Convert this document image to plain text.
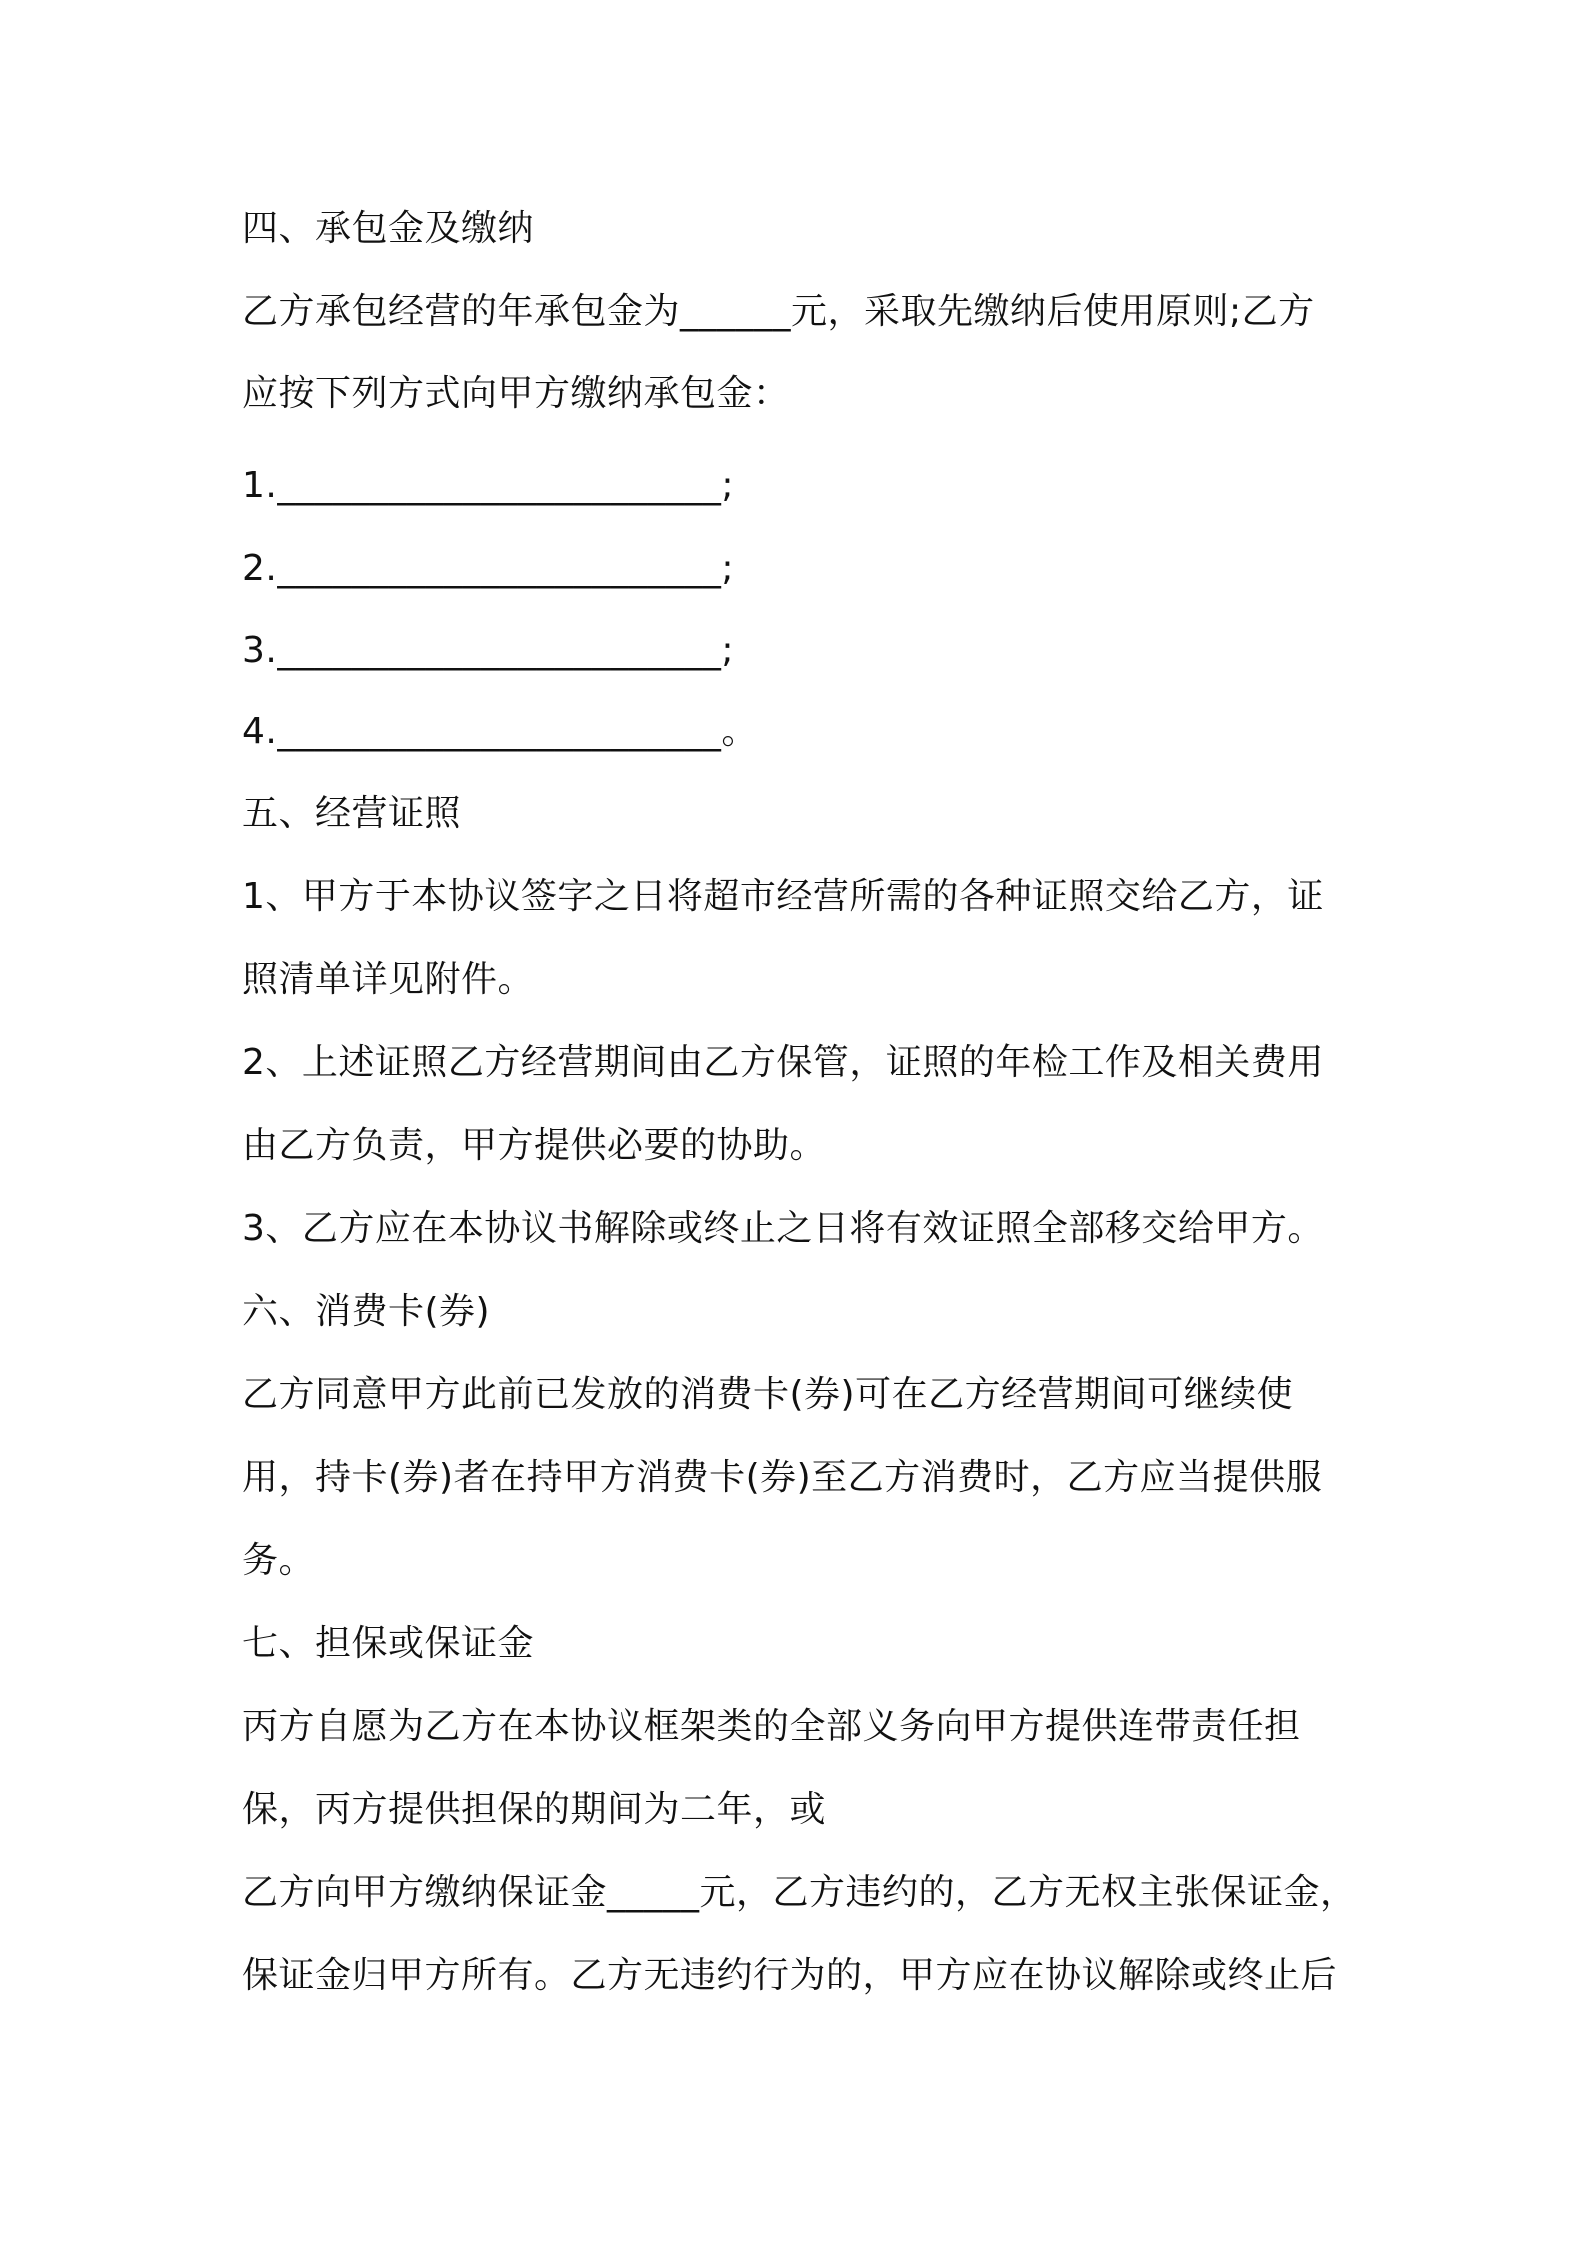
四、承包金及缴纳
乙方承包经营的年承包金为______元，采取先缴纳后使用原则;乙方
应按下列方式向甲方缴纳承包金：
1.________________________;
2.________________________;
3.________________________;
4.________________________。
五、经营证照
1、甲方于本协议签字之日将超市经营所需的各种证照交给乙方，证
照清单详见附件。
2、上述证照乙方经营期间由乙方保管，证照的年检工作及相关费用
由乙方负责，甲方提供必要的协助。
3、乙方应在本协议书解除或终止之日将有效证照全部移交给甲方。
六、消费卡(券)
乙方同意甲方此前已发放的消费卡(券)可在乙方经营期间可继续使
用，持卡(券)者在持甲方消费卡(券)至乙方消费时，乙方应当提供服
务。
七、担保或保证金
丙方自愿为乙方在本协议框架类的全部义务向甲方提供连带责任担
保，丙方提供担保的期间为二年，或
乙方向甲方缴纳保证金_____元，乙方违约的，乙方无权主张保证金，
保证金归甲方所有。乙方无违约行为的，甲方应在协议解除或终止后
